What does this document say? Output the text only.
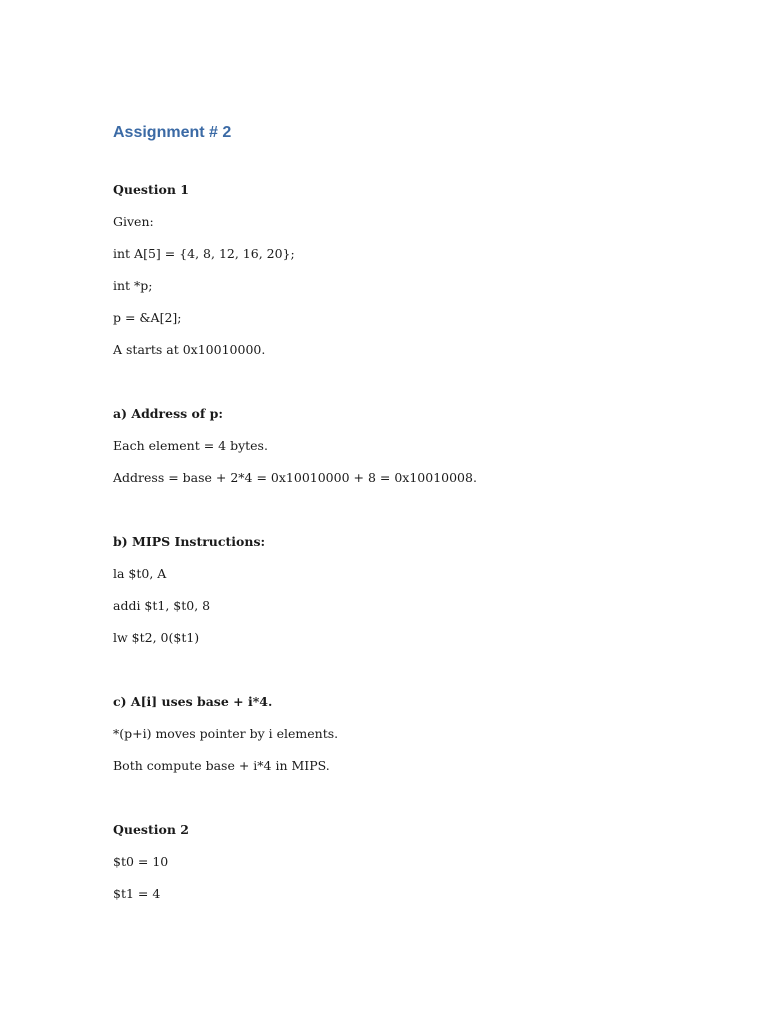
Assignment # 2
Question 1
Given:
int A[5] = {4, 8, 12, 16, 20};
int *p;
p = &A[2];
A starts at 0x10010000.
a) Address of p:
Each element = 4 bytes.
Address = base + 2*4 = 0x10010000 + 8 = 0x10010008.
b) MIPS Instructions:
la $t0, A
addi $t1, $t0, 8
lw $t2, 0($t1)
c) A[i] uses base + i*4.
*(p+i) moves pointer by i elements.
Both compute base + i*4 in MIPS.
Question 2
$t0 = 10
$t1 = 4
